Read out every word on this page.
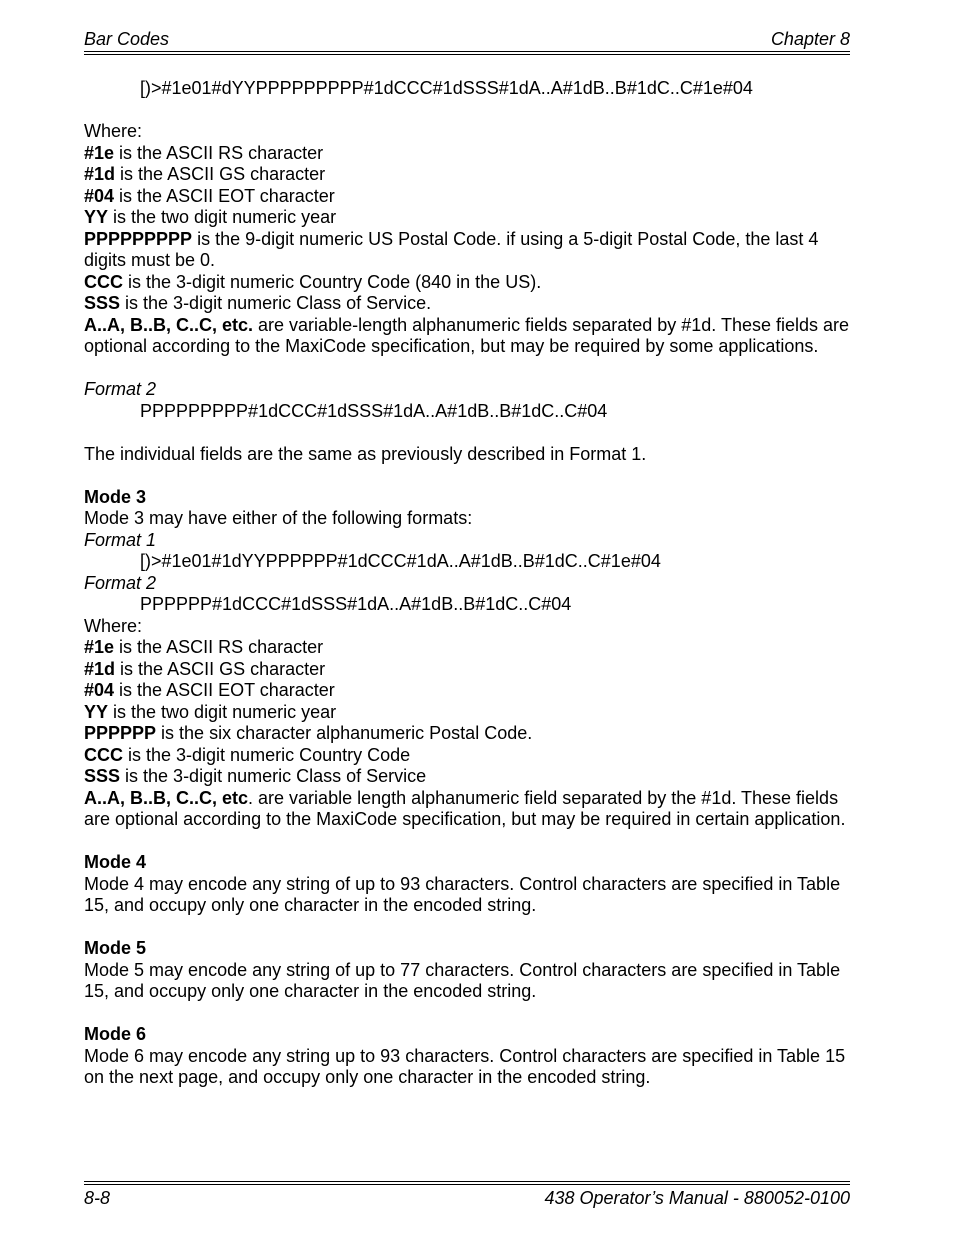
Bar Codes	Chapter 8

[)>#1e01#dYYPPPPPPPPP#1dCCC#1dSSS#1dA..A#1dB..B#1dC..C#1e#04

Where:

#1e is the ASCII RS character

#1d is the ASCII GS character

#04 is the ASCII EOT character

YY is the two digit numeric year

PPPPPPPPP is the 9-digit numeric US Postal Code. if using a 5-digit Postal Code, the last 4 digits must be 0.

CCC is the 3-digit numeric Country Code (840 in the US).

SSS is the 3-digit numeric Class of Service.

A..A, B..B, C..C, etc. are variable-length alphanumeric fields separated by #1d. These fields are optional according to the MaxiCode specification, but may be required by some applications.

Format 2

PPPPPPPPP#1dCCC#1dSSS#1dA..A#1dB..B#1dC..C#04

The individual fields are the same as previously described in Format 1.

Mode 3

Mode 3 may have either of the following formats:

Format 1

[)>#1e01#1dYYPPPPPP#1dCCC#1dA..A#1dB..B#1dC..C#1e#04

Format 2

PPPPPP#1dCCC#1dSSS#1dA..A#1dB..B#1dC..C#04

Where:

#1e is the ASCII RS character

#1d is the ASCII GS character

#04 is the ASCII EOT character

YY is the two digit numeric year

PPPPPP is the six character alphanumeric Postal Code.

CCC is the 3-digit numeric Country Code

SSS is the 3-digit numeric Class of Service

A..A, B..B, C..C, etc. are variable length alphanumeric field separated by the #1d. These fields are optional according to the MaxiCode specification, but may be required in certain application.

Mode 4

Mode 4 may encode any string of up to 93 characters. Control characters are specified in Table 15, and occupy only one character in the encoded string.

Mode 5

Mode 5 may encode any string of up to 77 characters. Control characters are specified in Table 15, and occupy only one character in the encoded string.

Mode 6

Mode 6 may encode any string up to 93 characters. Control characters are specified in Table 15 on the next page, and occupy only one character in the encoded string.

8-8	438 Operator’s Manual - 880052-0100
